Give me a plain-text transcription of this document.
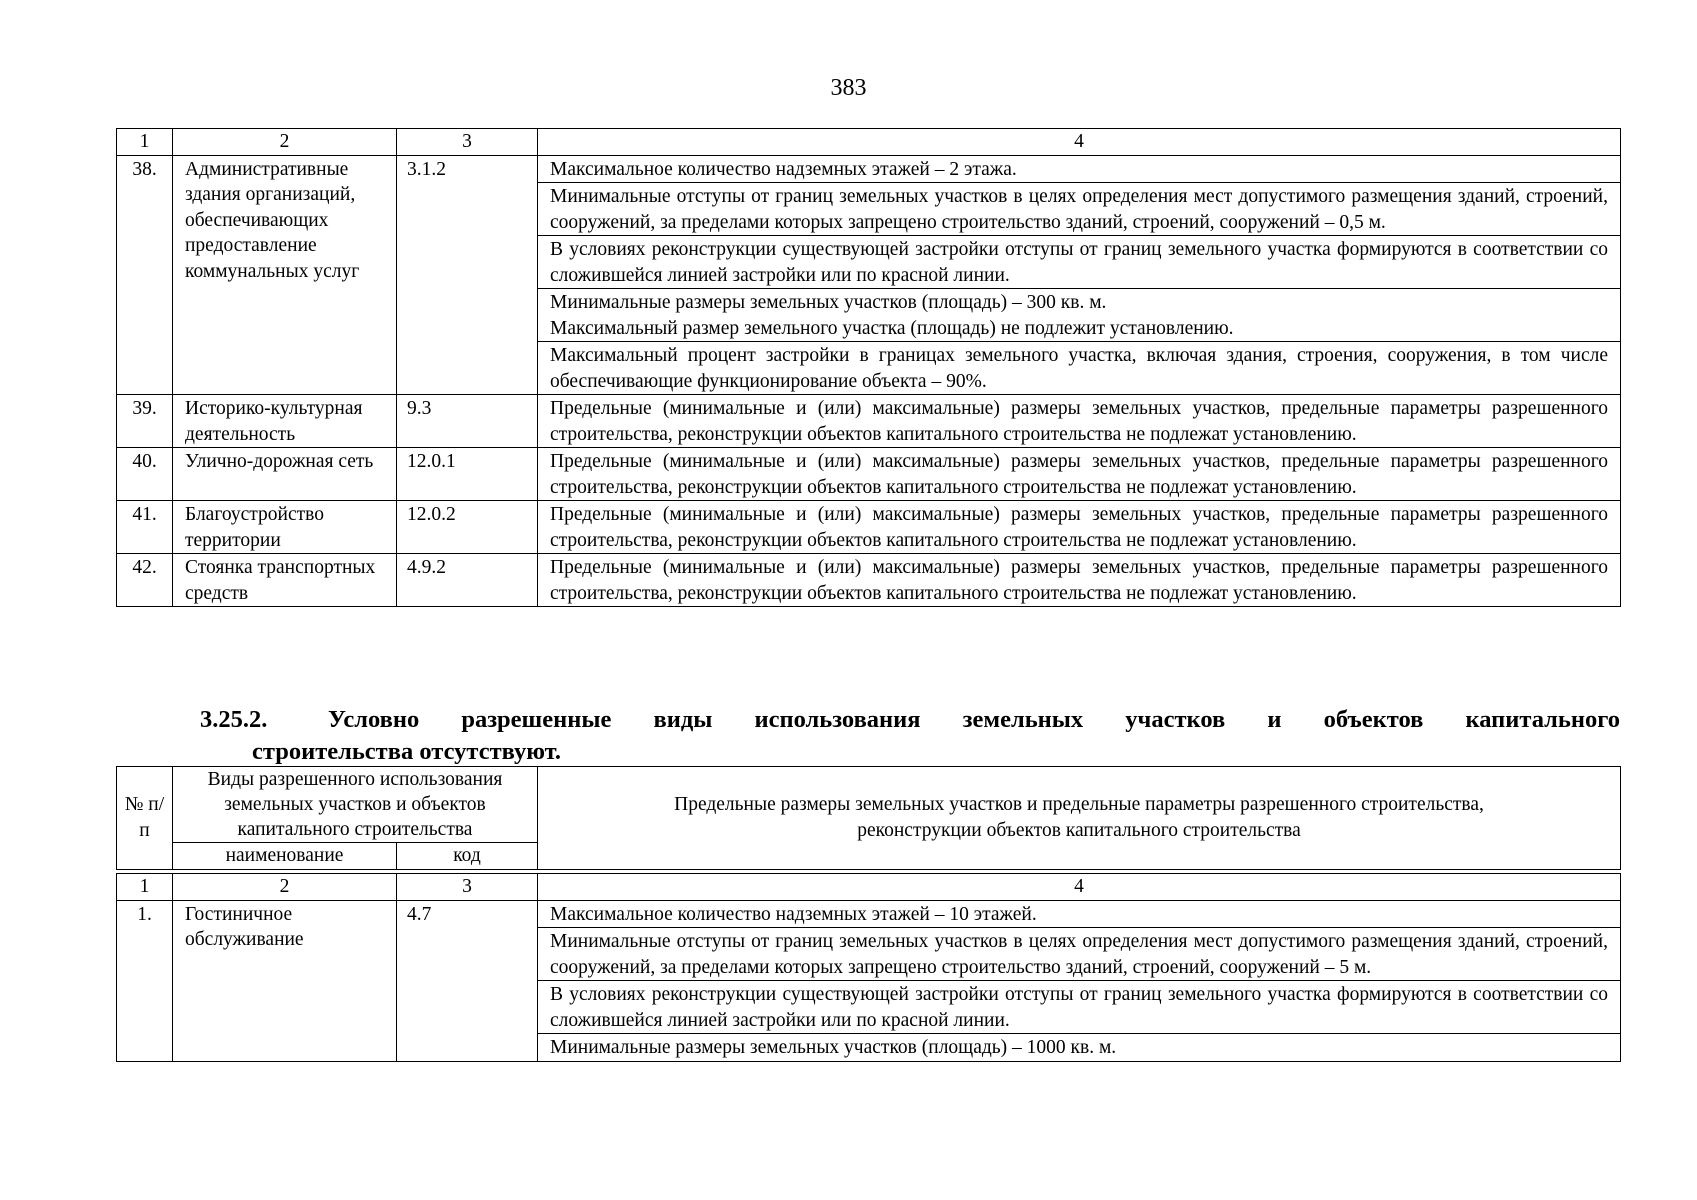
383
1	2	3	4
38.	Административные здания организаций, обеспечивающих предоставление коммунальных услуг	3.1.2	Максимальное количество надземных этажей – 2 этажа.
			Минимальные отступы от границ земельных участков в целях определения мест допустимого размещения зданий, строений, сооружений, за пределами которых запрещено строительство зданий, строений, сооружений – 0,5 м.
			В условиях реконструкции существующей застройки отступы от границ земельного участка формируются в соответствии со сложившейся линией застройки или по красной линии.

			Минимальные размеры земельных участков (площадь) – 300 кв. м.
Максимальный размер земельного участка (площадь) не подлежит установлению.

			Максимальный процент застройки в границах земельного участка, включая здания, строения, сооружения, в том числе обеспечивающие функционирование объекта – 90%.
39.	Историко-культурная деятельность	9.3	Предельные (минимальные и (или) максимальные) размеры земельных участков, предельные параметры разрешенного строительства, реконструкции объектов капитального строительства не подлежат установлению.
40.	Улично-дорожная сеть	12.0.1	Предельные (минимальные и (или) максимальные) размеры земельных участков, предельные параметры разрешенного строительства, реконструкции объектов капитального строительства не подлежат установлению.
41.	Благоустройство территории	12.0.2	Предельные (минимальные и (или) максимальные) размеры земельных участков, предельные параметры разрешенного строительства, реконструкции объектов капитального строительства не подлежат установлению.
42.	Стоянка транспортных средств	4.9.2	Предельные (минимальные и (или) максимальные) размеры земельных участков, предельные параметры разрешенного строительства, реконструкции объектов капитального строительства не подлежат установлению.
3.25.2.	Условно разрешенные виды использования земельных участков и объектов капитального
строительства отсутствуют.
№ п/п	Виды разрешенного использования земельных участков и объектов капитального строительства		Предельные размеры земельных участков и предельные параметры разрешенного строительства, реконструкции объектов капитального строительства
	наименование	код	
1	2	3	4
1.	Гостиничное обслуживание	4.7	Максимальное количество надземных этажей – 10 этажей.
			Минимальные отступы от границ земельных участков в целях определения мест допустимого размещения зданий, строений, сооружений, за пределами которых запрещено строительство зданий, строений, сооружений – 5 м.
			В условиях реконструкции существующей застройки отступы от границ земельного участка формируются в соответствии со сложившейся линией застройки или по красной линии.
			Минимальные размеры земельных участков (площадь) – 1000 кв. м.
